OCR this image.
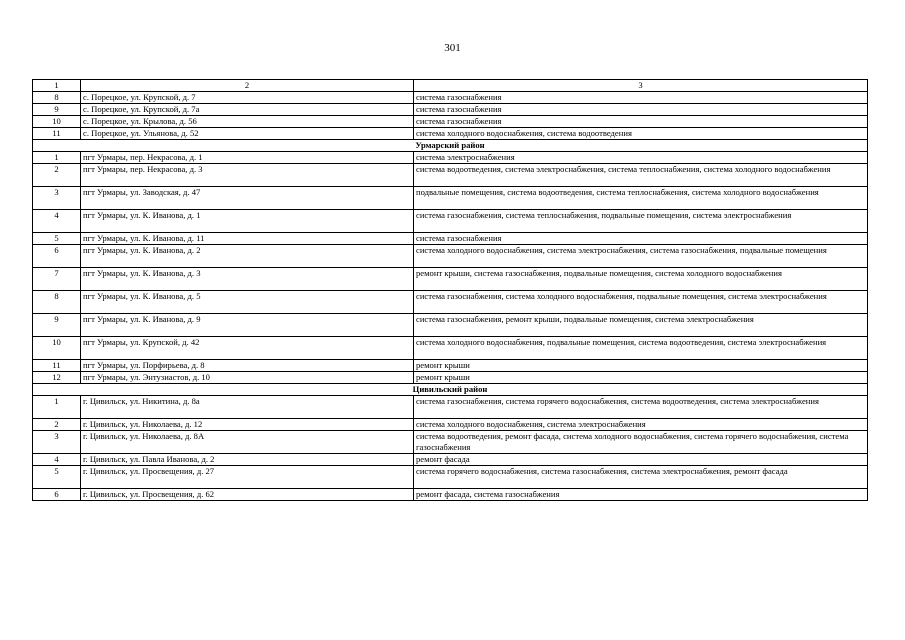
301
1	2	3
8	с. Порецкое, ул. Крупской, д. 7	система газоснабжения
9	с. Порецкое, ул. Крупской, д. 7а	система газоснабжения
10	с. Порецкое, ул. Крылова, д. 56	система газоснабжения
11	с. Порецкое, ул. Ульянова, д. 52	система холодного водоснабжения, система водоотведения
Урмарский район		
1	пгт Урмары, пер. Некрасова, д. 1	система электроснабжения
2	пгт Урмары, пер. Некрасова, д. 3	система водоотведения, система электроснабжения, система теплоснабжения, система холодного водоснабжения
3	пгт Урмары, ул. Заводская, д. 47	подвальные помещения, система водоотведения, система теплоснабжения, система холодного водоснабжения
4	пгт Урмары, ул. К. Иванова, д. 1	система газоснабжения, система теплоснабжения, подвальные помещения, система электроснабжения
5	пгт Урмары, ул. К. Иванова, д. 11	система газоснабжения
6	пгт Урмары, ул. К. Иванова, д. 2	система холодного водоснабжения, система электроснабжения, система газоснабжения, подвальные помещения
7	пгт Урмары, ул. К. Иванова, д. 3	ремонт крыши, система газоснабжения, подвальные помещения, система холодного водоснабжения
8	пгт Урмары, ул. К. Иванова, д. 5	система газоснабжения, система холодного водоснабжения, подвальные помещения, система электроснабжения
9	пгт Урмары, ул. К. Иванова, д. 9	система газоснабжения, ремонт крыши, подвальные помещения, система электроснабжения
10	пгт Урмары, ул. Крупской, д. 42	система холодного водоснабжения, подвальные помещения, система водоотведения, система электроснабжения
11	пгт Урмары, ул. Порфирьева, д. 8	ремонт крыши
12	пгт Урмары, ул. Энтузиастов, д. 10	ремонт крыши
Цивильский район		
1	г. Цивильск, ул. Никитина, д. 8а	система газоснабжения, система горячего водоснабжения, система водоотведения, система электроснабжения
2	г. Цивильск, ул. Николаева, д. 12	система холодного водоснабжения, система электроснабжения
3	г. Цивильск, ул. Николаева, д. 8А	система водоотведения, ремонт фасада, система холодного водоснабжения, система горячего водоснабжения, система газоснабжения
4	г. Цивильск, ул. Павла Иванова, д. 2	ремонт фасада
5	г. Цивильск, ул. Просвещения, д. 27	система горячего водоснабжения, система газоснабжения, система электроснабжения, ремонт фасада
6	г. Цивильск, ул. Просвещения, д. 62	ремонт фасада, система газоснабжения
